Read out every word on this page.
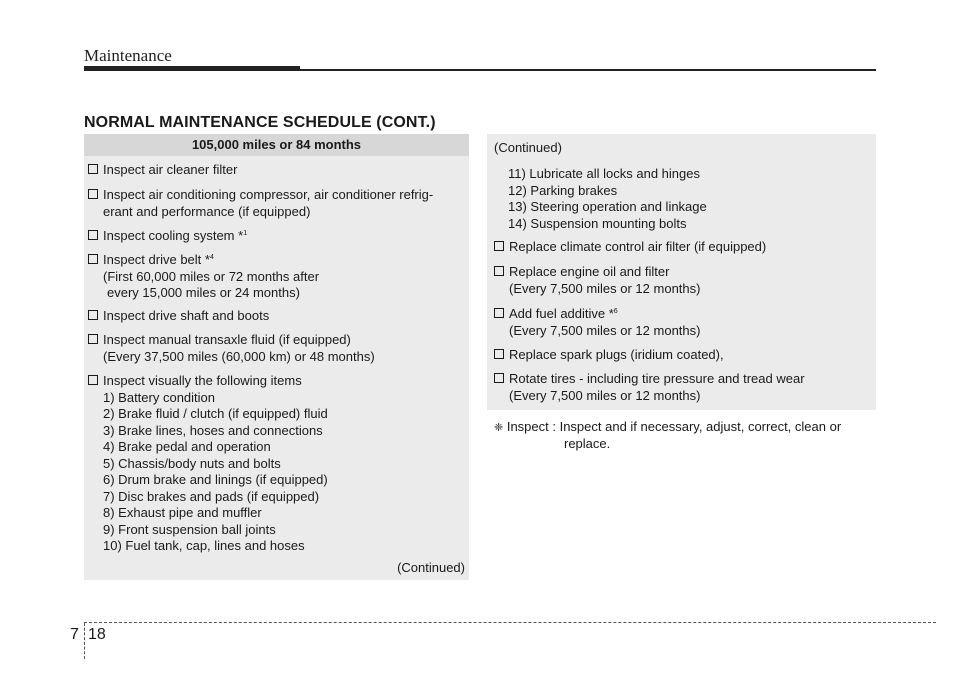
Maintenance
NORMAL MAINTENANCE SCHEDULE (CONT.)
105,000 miles or 84 months
Inspect air cleaner filter
Inspect air conditioning compressor, air conditioner refrig-
erant and performance (if equipped)
Inspect cooling system *$^1$
Inspect drive belt *$^4$
(First 60,000 miles or 72 months after
every 15,000 miles or 24 months)
Inspect drive shaft and boots
Inspect manual transaxle fluid (if equipped)
(Every 37,500 miles (60,000 km) or 48 months)
Inspect visually the following items
1) Battery condition
2) Brake fluid / clutch (if equipped) fluid
3) Brake lines, hoses and connections
4) Brake pedal and operation
5) Chassis/body nuts and bolts
6) Drum brake and linings (if equipped)
7) Disc brakes and pads (if equipped)
8) Exhaust pipe and muffler
9) Front suspension ball joints
10) Fuel tank, cap, lines and hoses
(Continued)
(Continued)
11) Lubricate all locks and hinges
12) Parking brakes
13) Steering operation and linkage
14) Suspension mounting bolts
Replace climate control air filter (if equipped)
Replace engine oil and filter
(Every 7,500 miles or 12 months)
Add fuel additive *$^6$
(Every 7,500 miles or 12 months)
Replace spark plugs (iridium coated),
Rotate tires - including tire pressure and tread wear
(Every 7,500 miles or 12 months)
❈ Inspect : Inspect and if necessary, adjust, correct, clean or
replace.
7 18
